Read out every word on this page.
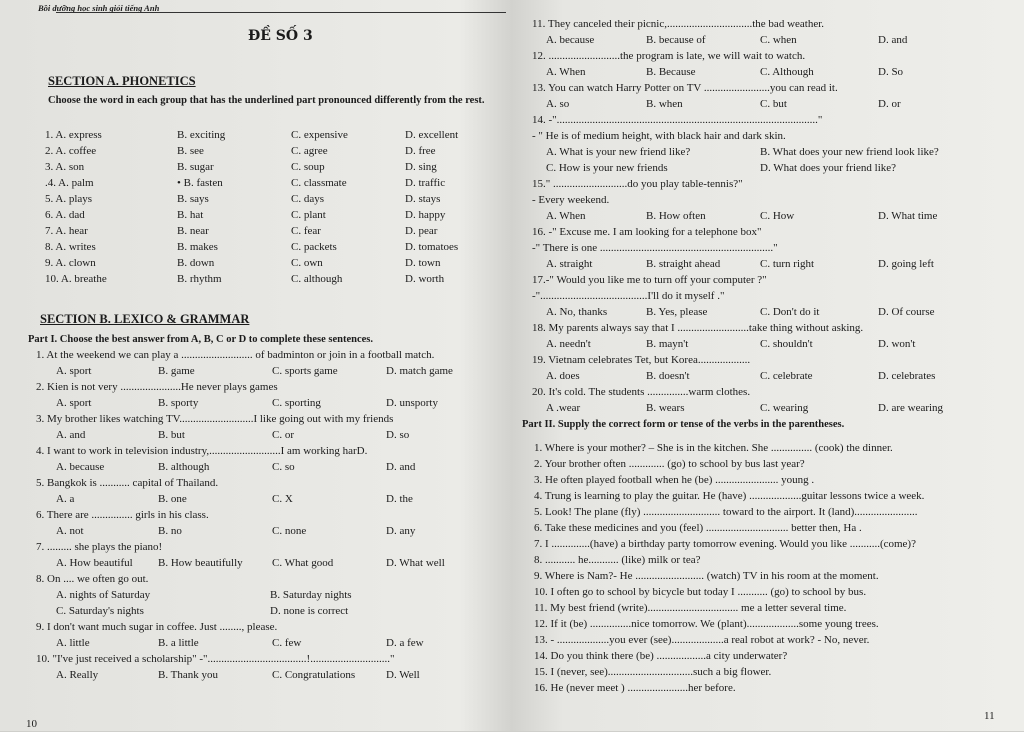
Bồi dưỡng học sinh giỏi tiếng Anh
ĐỀ SỐ 3
SECTION A. PHONETICS
Choose the word in each group that has the underlined part pronounced differently from the rest.
1. A. express	B. exciting	C. expensive	D. excellent
2. A. coffee	B. see	C. agree	D. free
3. A. son	B. sugar	C. soup	D. sing
.4. A. palm	• B. fasten	C. classmate	D. traffic
5. A. plays	B. says	C. days	D. stays
6. A. dad	B. hat	C. plant	D. happy
7. A. hear	B. near	C. fear	D. pear
8. A. writes	B. makes	C. packets	D. tomatoes
9. A. clown	B. down	C. own	D. town
10. A. breathe	B. rhythm	C. although	D. worth
SECTION B. LEXICO & GRAMMAR
Part I. Choose the best answer from A, B, C or D to complete these sentences.
1. At the weekend we can play a .......................... of badminton or join in a football match.
A. sport	B. game	C. sports game	D. match game
2. Kien is not very ......................He never plays games
A. sport	B. sporty	C. sporting	D. unsporty
3. My brother likes watching TV...........................I like going out with my friends
A. and	B. but	C. or	D. so
4. I want to work in television industry,..........................I am working harD.
A. because	B. although	C. so	D. and
5. Bangkok is ........... capital of Thailand.
A. a	B. one	C. X	D. the
6. There are ............... girls in his class.
A. not	B. no	C. none	D. any
7. ......... she plays the piano!
A. How beautiful B. How beautifully	C. What good	D. What well
8. On .... we often go out.
A. nights of Saturday	B. Saturday nights
C. Saturday's nights	D. none is correct
9. I don't want much sugar in coffee. Just ........, please.
A. little	B. a little	C. few	D. a few
10. "I've just received a scholarship" -"....................................!............................."
A. Really	B. Thank you	C. Congratulations	D. Well
10
11. They canceled their picnic,...............................the bad weather.
A. because	B. because of	C. when	D. and
12. ..........................the program is late, we will wait to watch.
A. When	B. Because	C. Although	D. So
13. You can watch Harry Potter on TV ........................you can read it.
A. so	B. when	C. but	D. or
14. -"..............................................................................................."
- " He is of medium height, with black hair and dark skin.
A. What is your new friend like?	B. What does your new friend look like?
C. How is your new friends	D. What does your friend like?
15." ...........................do you play table-tennis?"
- Every weekend.
A. When	B. How often	C. How	D. What time
16. -" Excuse me. I am looking for a telephone box"
-" There is one ..............................................................."
A. straight	B. straight ahead	C. turn right	D. going left
17.-" Would you like me to turn off your computer ?"
-".......................................I'll do it myself ."
A. No, thanks	B. Yes, please	C. Don't do it	D. Of course
18. My parents always say that I ..........................take thing without asking.
A. needn't	B. mayn't	C. shouldn't	D. won't
19. Vietnam celebrates Tet, but Korea...................
A. does	B. doesn't	C. celebrate	D. celebrates
20. It's cold. The students ...............warm clothes.
A .wear	B. wears	C. wearing	D. are wearing
Part II. Supply the correct form or tense of the verbs in the parentheses.
1. Where is your mother? – She is in the kitchen. She ............... (cook) the dinner.
2. Your brother often ............. (go) to school by bus last year?
3. He often played football when he (be) ....................... young .
4. Trung is learning to play the guitar. He (have) ...................guitar lessons twice a week.
5. Look! The plane (fly) ............................ toward to the airport. It (land).......................
6. Take these medicines and you (feel) .............................. better then, Ha .
7. I ..............(have) a birthday party tomorrow evening. Would you like ...........(come)?
8. ........... he........... (like) milk or tea?
9. Where is Nam?- He ......................... (watch) TV in his room at the moment.
10. I often go to school by bicycle but today I ........... (go) to school by bus.
11. My best friend (write)................................. me a letter several time.
12. If it (be) ...............nice tomorrow. We (plant)...................some young trees.
13. - ...................you ever (see)...................a real robot at work? - No, never.
14. Do you think there (be) ..................a city underwater?
15. I (never, see)...............................such a big flower.
16. He (never meet ) ......................her before.
11
